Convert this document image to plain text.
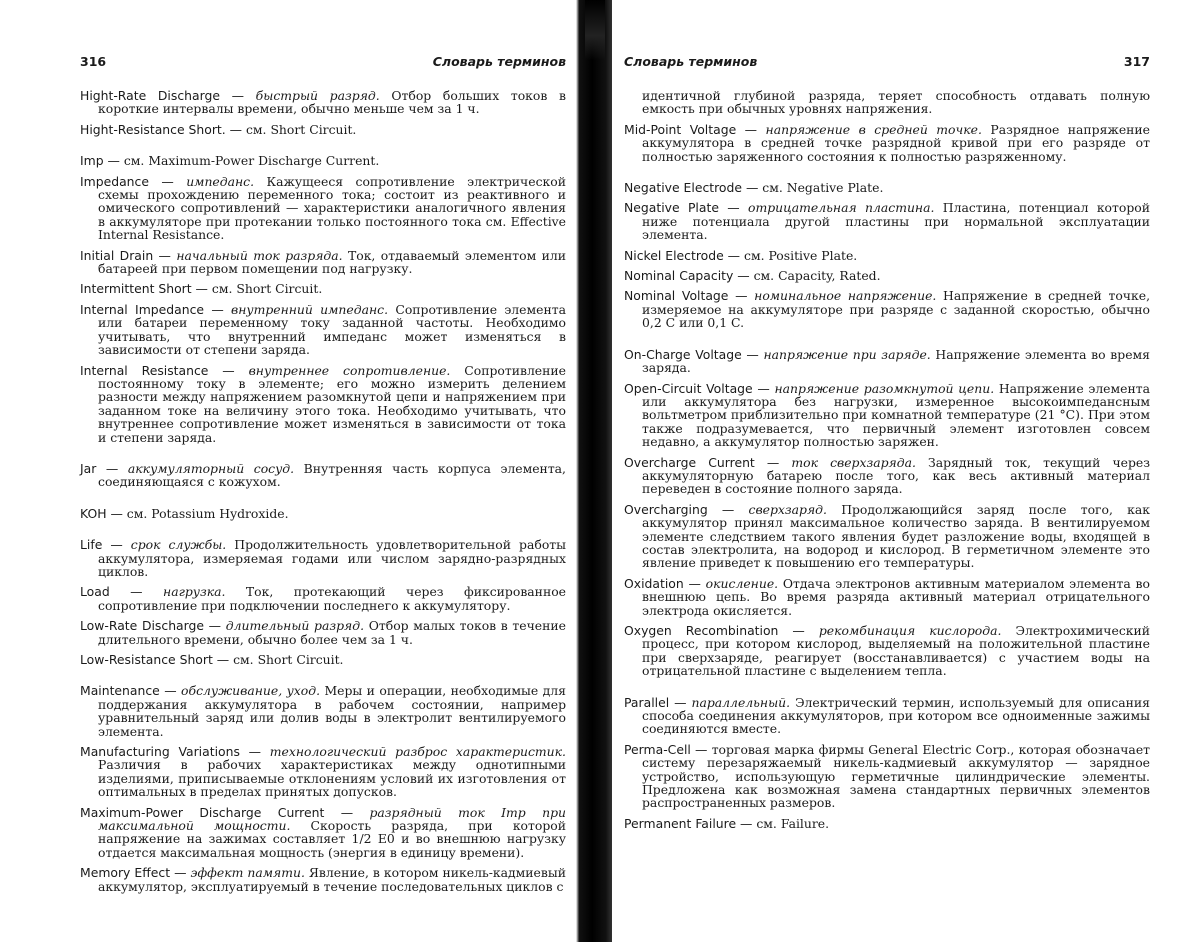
316	Словарь терминов

Hight-Rate Discharge — быстрый разряд. Отбор больших токов в короткие интервалы времени, обычно меньше чем за 1 ч.

Hight-Resistance Short. — см. Short Circuit.

Imp — см. Maximum-Power Discharge Current.

Impedance — импеданс. Кажущееся сопротивление электрической схемы прохождению переменного тока; состоит из реактивного и омического сопротивлений — характеристики аналогичного явления в аккумуляторе при протекании только постоянного тока см. Effective Internal Resistance.

Initial Drain — начальный ток разряда. Ток, отдаваемый элементом или батареей при первом помещении под нагрузку.

Intermittent Short — см. Short Circuit.

Internal Impedance — внутренний импеданс. Сопротивление элемента или батареи переменному току заданной частоты. Необходимо учитывать, что внутренний импеданс может изменяться в зависимости от степени заряда.

Internal Resistance — внутреннее сопротивление. Сопротивление постоянному току в элементе; его можно измерить делением разности между напряжением разомкнутой цепи и напряжением при заданном токе на величину этого тока. Необходимо учитывать, что внутреннее сопротивление может изменяться в зависимости от тока и степени заряда.

Jar — аккумуляторный сосуд. Внутренняя часть корпуса элемента, соединяющаяся с кожухом.

KOH — см. Potassium Hydroxide.

Life — срок службы. Продолжительность удовлетворительной работы аккумулятора, измеряемая годами или числом зарядно-разрядных циклов.

Load — нагрузка. Ток, протекающий через фиксированное сопротивление при подключении последнего к аккумулятору.

Low-Rate Discharge — длительный разряд. Отбор малых токов в течение длительного времени, обычно более чем за 1 ч.

Low-Resistance Short — см. Short Circuit.

Maintenance — обслуживание, уход. Меры и операции, необходимые для поддержания аккумулятора в рабочем состоянии, например уравнительный заряд или долив воды в электролит вентилируемого элемента.

Manufacturing Variations — технологический разброс характеристик. Различия в рабочих характеристиках между однотипными изделиями, приписываемые отклонениям условий их изготовления от оптимальных в пределах принятых допусков.

Maximum-Power Discharge Current — разрядный ток Imp при максимальной мощности. Скорость разряда, при которой напряжение на зажимах составляет 1/2 E0 и во внешнюю нагрузку отдается максимальная мощность (энергия в единицу времени).

Memory Effect — эффект памяти. Явление, в котором никель-кадмиевый аккумулятор, эксплуатируемый в течение последовательных циклов с

Словарь терминов	317

идентичной глубиной разряда, теряет способность отдавать полную емкость при обычных уровнях напряжения.

Mid-Point Voltage — напряжение в средней точке. Разрядное напряжение аккумулятора в средней точке разрядной кривой при его разряде от полностью заряженного состояния к полностью разряженному.

Negative Electrode — см. Negative Plate.

Negative Plate — отрицательная пластина. Пластина, потенциал которой ниже потенциала другой пластины при нормальной эксплуатации элемента.

Nickel Electrode — см. Positive Plate.

Nominal Capacity — см. Capacity, Rated.

Nominal Voltage — номинальное напряжение. Напряжение в средней точке, измеряемое на аккумуляторе при разряде с заданной скоростью, обычно 0,2 C или 0,1 C.

On-Charge Voltage — напряжение при заряде. Напряжение элемента во время заряда.

Open-Circuit Voltage — напряжение разомкнутой цепи. Напряжение элемента или аккумулятора без нагрузки, измеренное высокоимпедансным вольтметром приблизительно при комнатной температуре (21 °C). При этом также подразумевается, что первичный элемент изготовлен совсем недавно, а аккумулятор полностью заряжен.

Overcharge Current — ток сверхзаряда. Зарядный ток, текущий через аккумуляторную батарею после того, как весь активный материал переведен в состояние полного заряда.

Overcharging — сверхзаряд. Продолжающийся заряд после того, как аккумулятор принял максимальное количество заряда. В вентилируемом элементе следствием такого явления будет разложение воды, входящей в состав электролита, на водород и кислород. В герметичном элементе это явление приведет к повышению его температуры.

Oxidation — окисление. Отдача электронов активным материалом элемента во внешнюю цепь. Во время разряда активный материал отрицательного электрода окисляется.

Oxygen Recombination — рекомбинация кислорода. Электрохимический процесс, при котором кислород, выделяемый на положительной пластине при сверхзаряде, реагирует (восстанавливается) с участием воды на отрицательной пластине с выделением тепла.

Parallel — параллельный. Электрический термин, используемый для описания способа соединения аккумуляторов, при котором все одноименные зажимы соединяются вместе.

Perma-Cell — торговая марка фирмы General Electric Corp., которая обозначает систему перезаряжаемый никель-кадмиевый аккумулятор — зарядное устройство, использующую герметичные цилиндрические элементы. Предложена как возможная замена стандартных первичных элементов распространенных размеров.

Permanent Failure — см. Failure.
